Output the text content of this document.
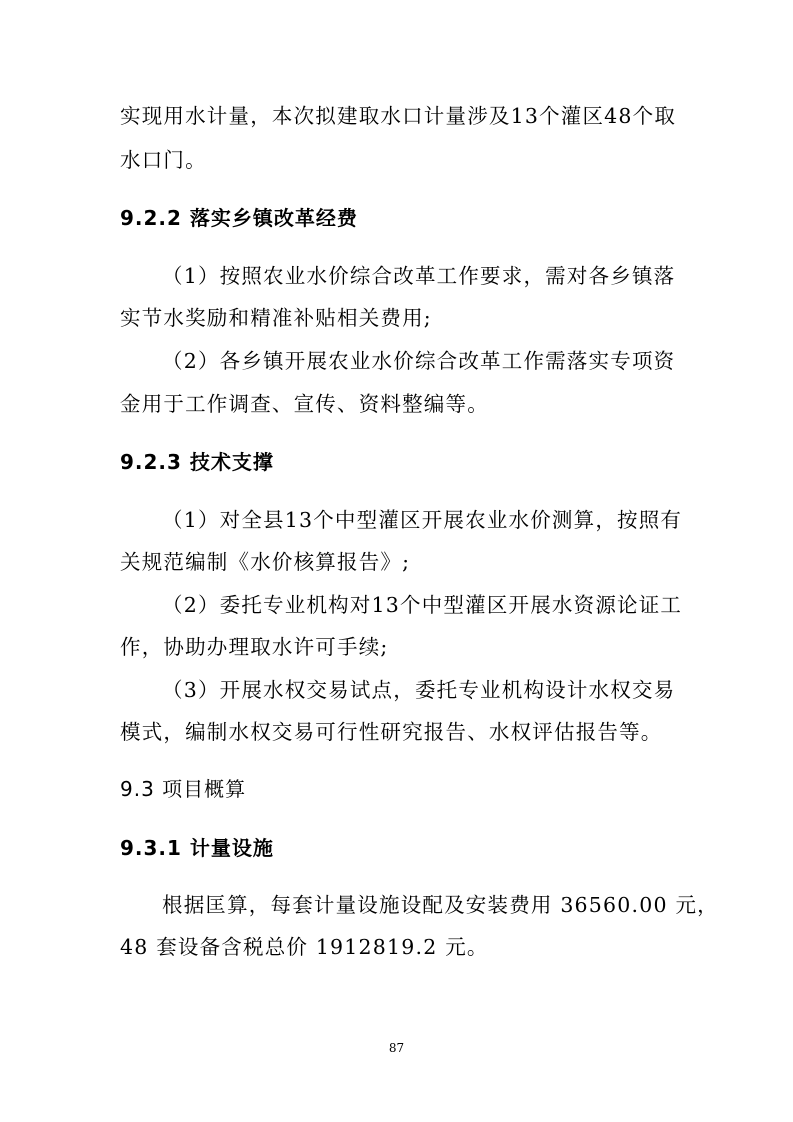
实现用水计量，本次拟建取水口计量涉及13个灌区48个取
水口门。
9.2.2 落实乡镇改革经费
（1）按照农业水价综合改革工作要求，需对各乡镇落
实节水奖励和精准补贴相关费用;
（2）各乡镇开展农业水价综合改革工作需落实专项资
金用于工作调查、宣传、资料整编等。
9.2.3 技术支撑
（1）对全县13个中型灌区开展农业水价测算，按照有
关规范编制《水价核算报告》;
（2）委托专业机构对13个中型灌区开展水资源论证工
作，协助办理取水许可手续;
（3）开展水权交易试点，委托专业机构设计水权交易
模式，编制水权交易可行性研究报告、水权评估报告等。
9.3 项目概算
9.3.1 计量设施
根据匡算，每套计量设施设配及安装费用 36560.00 元，
48 套设备含税总价 1912819.2 元。
87
